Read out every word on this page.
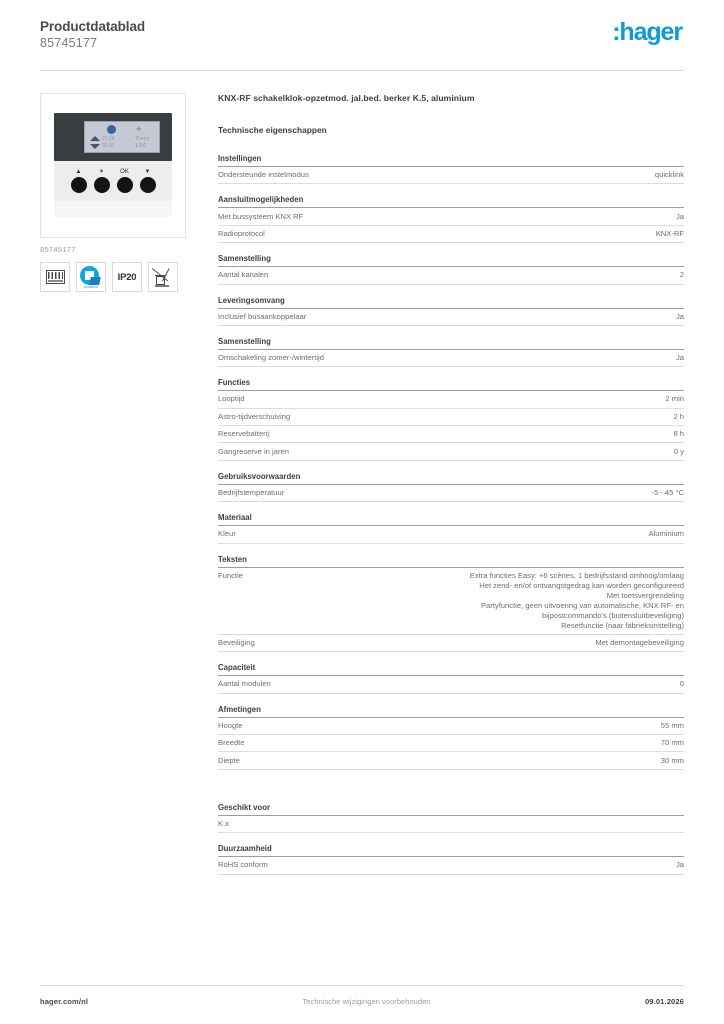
Productdatablad
85745177	:hager
✦
21:14
30.41
Therm
1.3.0
▲	✶	OK	▼
85745177
quicklink
IP20
KNX-RF schakelklok-opzetmod. jal.bed. berker K.5, aluminium
Technische eigenschappen
Instellingen
Ondersteunde instelmodus	quicklink
Aansluitmogelijkheden
Met bussysteem KNX RF	Ja
Radioprotocol	KNX-RF
Samenstelling
Aantal kanalen	2
Leveringsomvang
Inclusief busaankoppelaar	Ja
Samenstelling
Omschakeling zomer-/wintertijd	Ja
Functies
Looptijd	2 min
Astro-tijdverschuiving	2 h
Reservebatterij	8 h
Gangreserve in jaren	0 y
Gebruiksvoorwaarden
Bedrijfstemperatuur	-5 - 45 °C
Materiaal
Kleur	Aluminium
Teksten
Functie	Extra functies Easy: +6 scènes, 1 bedrijfsstand omhoog/omlaag
Het zend- en/of ontvangstgedrag kan worden geconfigureerd
Met toetsvergrendeling
Partyfunctie, geen uitvoering van automatische, KNX RF- en
bijpostcommando's (buitensluitbeveiliging)
Resetfunctie (naar fabrieksinstelling)
Beveiliging	Met demontagebeveiliging
Capaciteit
Aantal modulen	0
Afmetingen
Hoogte	55 mm
Breedte	70 mm
Diepte	30 mm
Geschikt voor
K.x
Duurzaamheid
RoHS conform	Ja
hager.com/nl	Technische wijzigingen voorbehouden	09.01.2026
